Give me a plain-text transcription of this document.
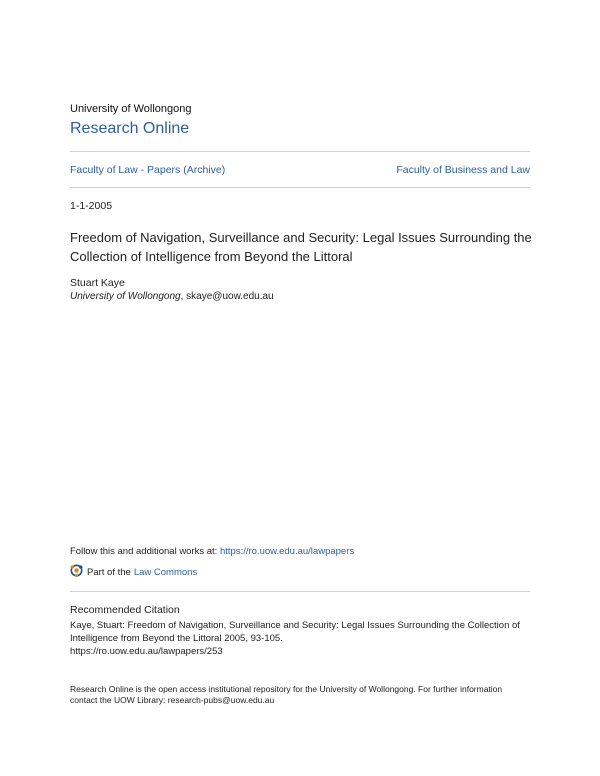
University of Wollongong
Research Online
Faculty of Law - Papers (Archive)	Faculty of Business and Law
1-1-2005
Freedom of Navigation, Surveillance and Security: Legal Issues Surrounding the Collection of Intelligence from Beyond the Littoral
Stuart Kaye
University of Wollongong, skaye@uow.edu.au
Follow this and additional works at: https://ro.uow.edu.au/lawpapers
Part of the Law Commons
Recommended Citation
Kaye, Stuart: Freedom of Navigation, Surveillance and Security: Legal Issues Surrounding the Collection of
Intelligence from Beyond the Littoral 2005, 93-105.
https://ro.uow.edu.au/lawpapers/253
Research Online is the open access institutional repository for the University of Wollongong. For further information
contact the UOW Library: research-pubs@uow.edu.au
